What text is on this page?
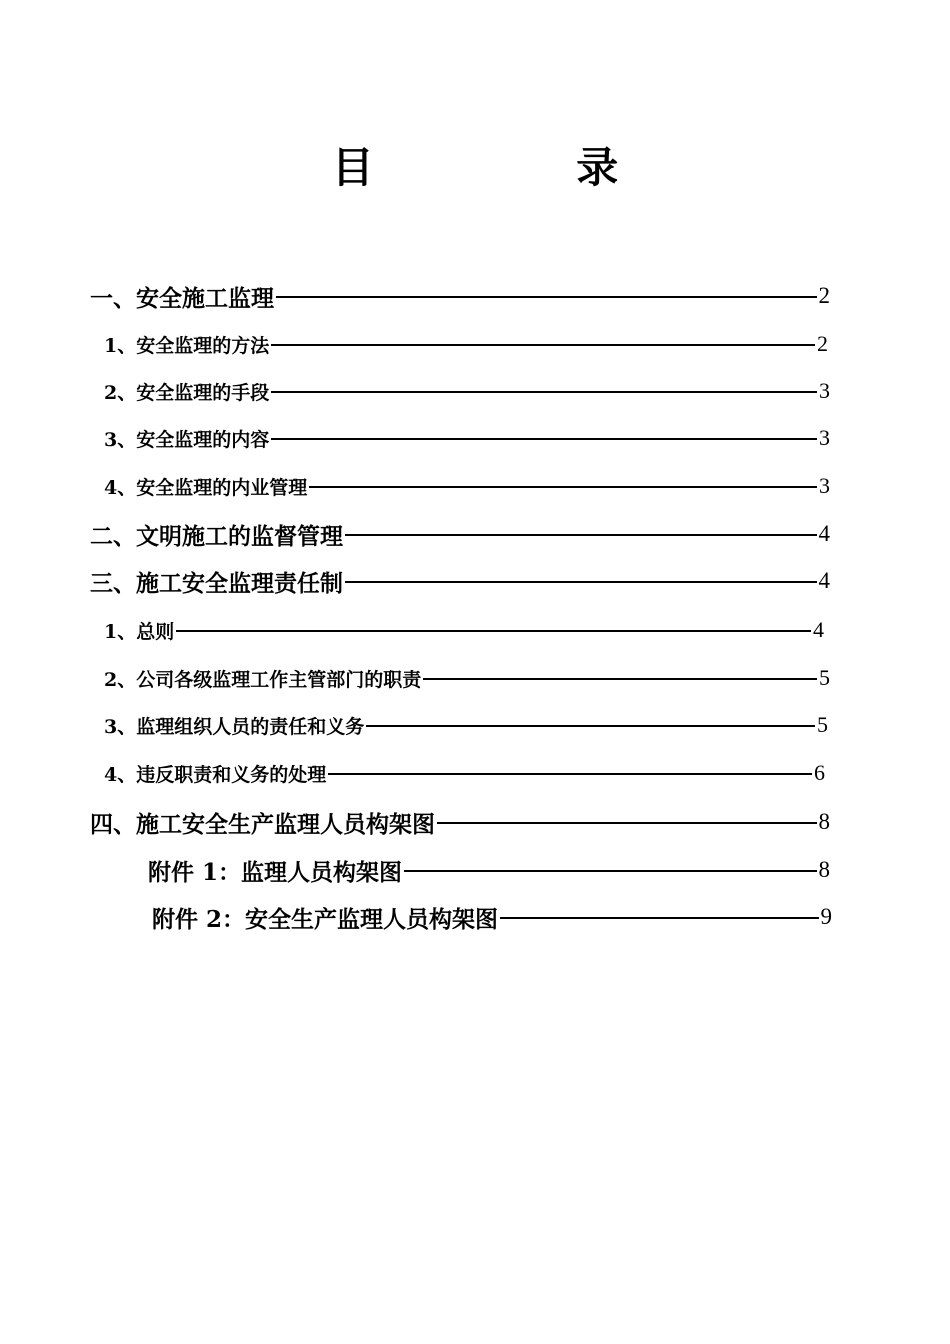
目 录
一、安全施工监理	2
1、安全监理的方法	2
2、安全监理的手段	3
3、安全监理的内容	3
4、安全监理的内业管理	3
二、文明施工的监督管理	4
三、施工安全监理责任制	4
1、总则	4
2、公司各级监理工作主管部门的职责	5
3、监理组织人员的责任和义务	5
4、违反职责和义务的处理	6
四、施工安全生产监理人员构架图	8
附件 1：监理人员构架图	8
附件 2：安全生产监理人员构架图	9
